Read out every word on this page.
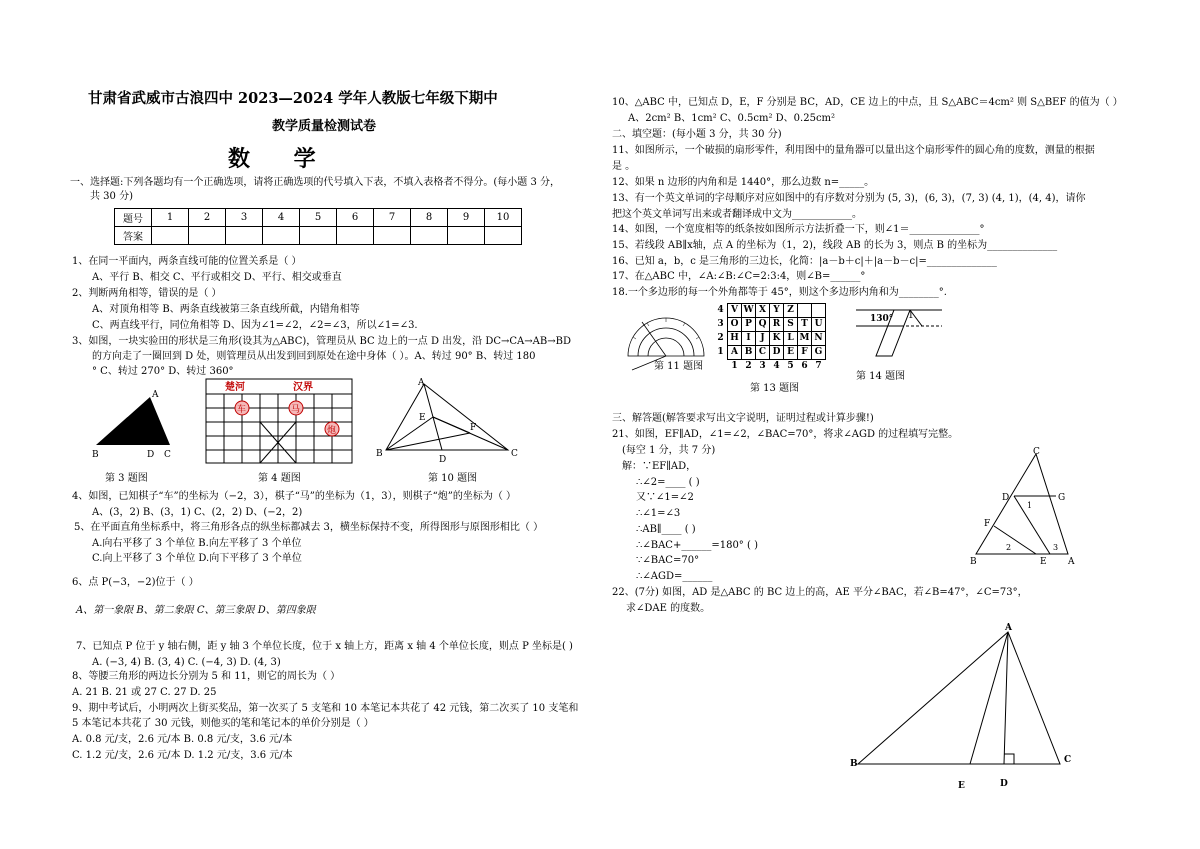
甘肃省武威市古浪四中 2023—2024 学年人教版七年级下期中
教学质量检测试卷
数 学
一、选择题:下列各题均有一个正确选项，请将正确选项的代号填入下表，不填入表格者不得分。(每小题 3 分，
共 30 分)
题号	1	2	3	4	5	6	7	8	9	10
答案										
1、在同一平面内，两条直线可能的位置关系是（ ）
A、平行 B、相交 C、平行或相交 D、平行、相交或垂直
2、判断两角相等，错误的是（ ）
A、对顶角相等 B、两条直线被第三条直线所截，内错角相等
C、两直线平行，同位角相等 D、因为∠1=∠2，∠2=∠3，所以∠1=∠3.
3、如图，一块实验田的形状是三角形(设其为△ABC)，管理员从 BC 边上的一点 D 出发，沿 DC→CA→AB→BD
的方向走了一圈回到 D 处，则管理员从出发到回到原处在途中身体（ ）。A、转过 90° B、转过 180
° C、转过 270° D、转过 360°
A
B	D C
第 3 题图
楚河	汉界
车	马
炮
第 4 题图
A
B
D
C
E
F
第 10 题图
4、如图，已知棋子“车”的坐标为（−2，3），棋子“马”的坐标为（1，3），则棋子“炮”的坐标为（ ）
A、(3，2) B、(3，1) C、(2，2) D、(−2，2)
5、在平面直角坐标系中，将三角形各点的纵坐标都减去 3，横坐标保持不变，所得图形与原图形相比（ ）
A.向右平移了 3 个单位 B.向左平移了 3 个单位
C.向上平移了 3 个单位 D.向下平移了 3 个单位
6、点 P(−3，−2)位于（ ）
A、第一象限 B、第二象限 C、第三象限 D、第四象限
7、已知点 P 位于 y 轴右侧，距 y 轴 3 个单位长度，位于 x 轴上方，距离 x 轴 4 个单位长度，则点 P 坐标是( )
A. (−3, 4) B. (3, 4) C. (−4, 3) D. (4, 3)
8、等腰三角形的两边长分别为 5 和 11，则它的周长为（ ）
A. 21 B. 21 或 27 C. 27 D. 25
9、期中考试后，小明两次上街买奖品，第一次买了 5 支笔和 10 本笔记本共花了 42 元钱，第二次买了 10 支笔和
5 本笔记本共花了 30 元钱，则他买的笔和笔记本的单价分别是（ ）
A. 0.8 元/支，2.6 元/本 B. 0.8 元/支，3.6 元/本
C. 1.2 元/支，2.6 元/本 D. 1.2 元/支，3.6 元/本
10、△ABC 中，已知点 D，E，F 分别是 BC，AD，CE 边上的中点，且 S△ABC＝4cm² 则 S△BEF 的值为（ ）
A、2cm² B、1cm² C、0.5cm² D、0.25cm²
二、填空题：(每小题 3 分，共 30 分)
11、如图所示，一个破损的扇形零件，利用图中的量角器可以量出这个扇形零件的圆心角的度数，测量的根据
是 。
12、如果 n 边形的内角和是 1440°，那么边数 n=_____。
13、有一个英文单词的字母顺序对应如图中的有序数对分别为 (5, 3)，(6, 3)，(7, 3) (4, 1)，(4, 4)，请你
把这个英文单词写出来或者翻译成中文为____________。
14、如图，一个宽度相等的纸条按如图所示方法折叠一下，则∠1＝______________°
15、若线段 AB∥x轴，点 A 的坐标为（1，2)，线段 AB 的长为 3，则点 B 的坐标为______________
16、已知 a，b，c 是三角形的三边长，化简：|a－b＋c|＋|a－b－c|=______________
17、在△ABC 中，∠A:∠B:∠C=2:3:4，则∠B=______°
18.一个多边形的每一个外角都等于 45°，则这个多边形内角和为________°.
第 11 题图
4	V	W	X	Y	Z		
3	O	P	Q	R	S	T	U
2	H	I	J	K	L	M	N
1	A	B	C	D	E	F	G
	1	2	3	4	5	6	7
第 13 题图
130° 1
第 14 题图
三、解答题(解答要求写出文字说明，证明过程或计算步骤!)
21、如图，EF∥AD，∠1=∠2，∠BAC=70°，将求∠AGD 的过程填写完整。
(每空 1 分，共 7 分)
解：∵EF∥AD，
∴∠2=____ ( )
又∵∠1=∠2
∴∠1=∠3
∴AB∥____ ( )
∴∠BAC+______=180° ( )
∵∠BAC=70°
∴∠AGD=______
C
D	G
F
1
2	3
B	E A
22、(7分) 如图，AD 是△ABC 的 BC 边上的高，AE 平分∠BAC，若∠B=47°，∠C=73°，
求∠DAE 的度数。
A
B	C
D
E
